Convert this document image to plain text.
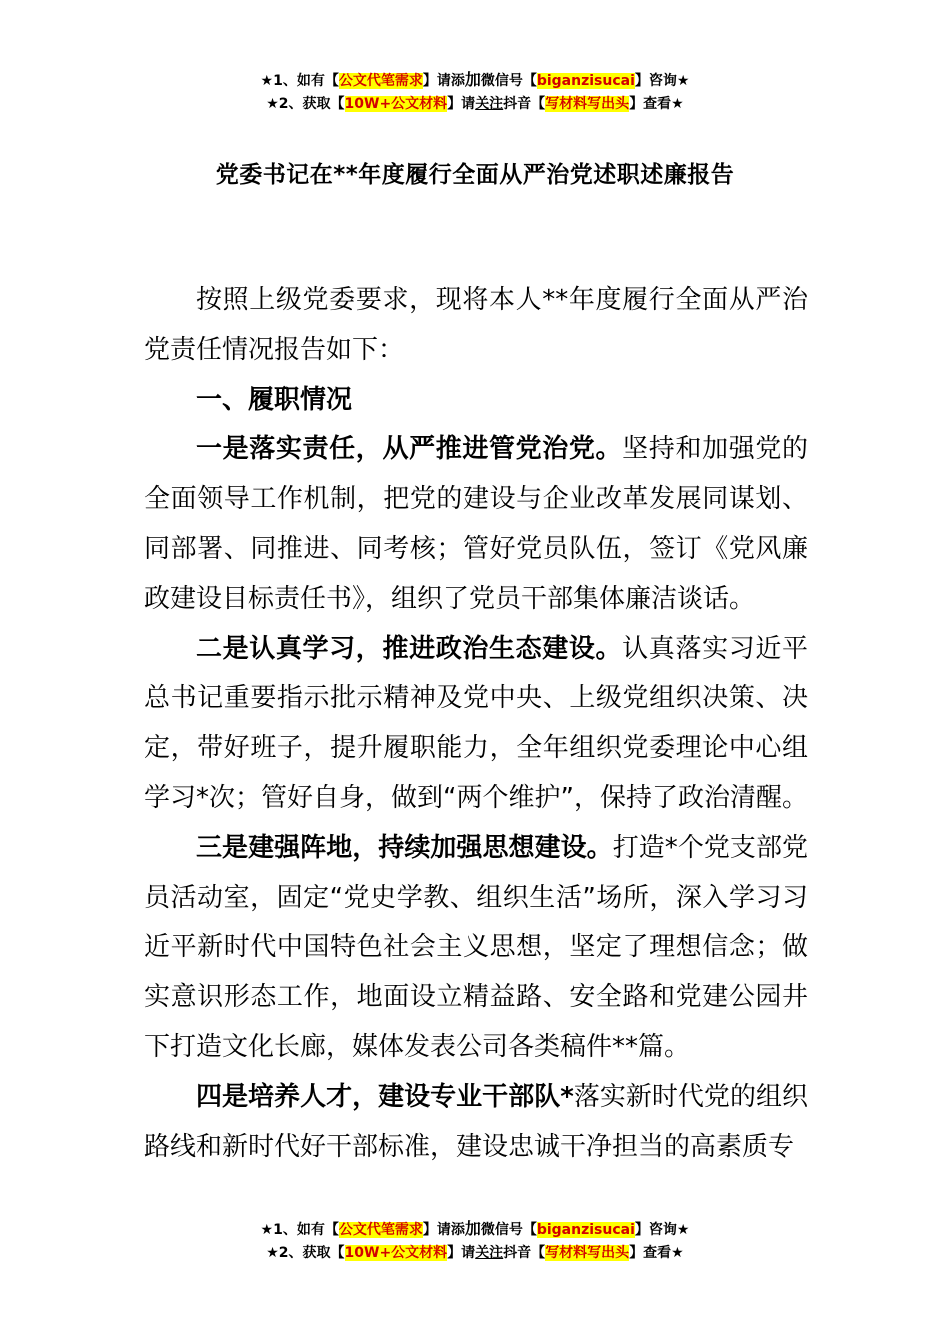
★1、如有【公文代笔需求】请添加微信号【biganzisucai】咨询★
★2、获取【10W+公文材料】请关注抖音【写材料写出头】查看★
党委书记在**年度履行全面从严治党述职述廉报告

按照上级党委要求，现将本人**年度履行全面从严治党责任情况报告如下：

一、履职情况

一是落实责任，从严推进管党治党。坚持和加强党的全面领导工作机制，把党的建设与企业改革发展同谋划、同部署、同推进、同考核；管好党员队伍，签订《党风廉政建设目标责任书》，组织了党员干部集体廉洁谈话。

二是认真学习，推进政治生态建设。认真落实习近平总书记重要指示批示精神及党中央、上级党组织决策、决定，带好班子，提升履职能力，全年组织党委理论中心组学习*次；管好自身，做到“两个维护”，保持了政治清醒。

三是建强阵地，持续加强思想建设。打造*个党支部党员活动室，固定“党史学教、组织生活”场所，深入学习习近平新时代中国特色社会主义思想，坚定了理想信念；做实意识形态工作，地面设立精益路、安全路和党建公园井下打造文化长廊，媒体发表公司各类稿件**篇。

四是培养人才，建设专业干部队*落实新时代党的组织路线和新时代好干部标准，建设忠诚干净担当的高素质专

★1、如有【公文代笔需求】请添加微信号【biganzisucai】咨询★
★2、获取【10W+公文材料】请关注抖音【写材料写出头】查看★
